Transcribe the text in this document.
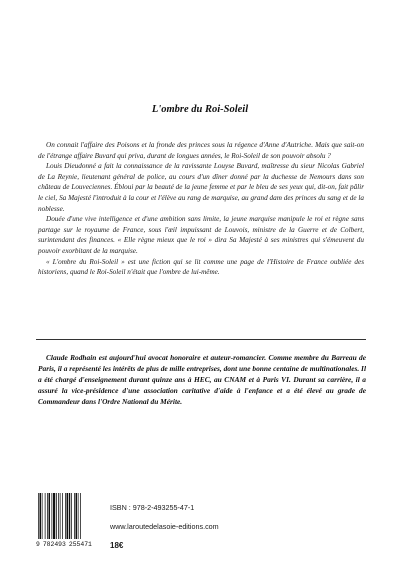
L'ombre du Roi-Soleil

On connait l'affaire des Poisons et la fronde des princes sous la régence d'Anne d'Autriche. Mais que sait-on de l'étrange affaire Buvard qui priva, durant de longues années, le Roi-Soleil de son pouvoir absolu ?

Louis Dieudonné a fait la connaissance de la ravissante Louyse Buvard, maîtresse du sieur Nicolas Gabriel de La Reynie, lieutenant général de police, au cours d'un dîner donné par la duchesse de Nemours dans son château de Louveciennes. Ébloui par la beauté de la jeune femme et par le bleu de ses yeux qui, dit-on, fait pâlir le ciel, Sa Majesté l'introduit à la cour et l'élève au rang de marquise, au grand dam des princes du sang et de la noblesse.

Douée d'une vive intelligence et d'une ambition sans limite, la jeune marquise manipule le roi et règne sans partage sur le royaume de France, sous l'œil impuissant de Louvois, ministre de la Guerre et de Colbert, surintendant des finances. « Elle règne mieux que le roi » dira Sa Majesté à ses ministres qui s'émeuvent du pouvoir exorbitant de la marquise.

« L'ombre du Roi-Soleil » est une fiction qui se lit comme une page de l'Histoire de France oubliée des historiens, quand le Roi-Soleil n'était que l'ombre de lui-même.

Claude Rodhain est aujourd'hui avocat honoraire et auteur-romancier. Comme membre du Barreau de Paris, il a représenté les intérêts de plus de mille entreprises, dont une bonne centaine de multinationales. Il a été chargé d'enseignement durant quinze ans à HEC, au CNAM et à Paris VI. Durant sa carrière, il a assuré la vice-présidence d'une association caritative d'aide à l'enfance et a été élevé au grade de Commandeur dans l'Ordre National du Mérite.

9 782493 255471
ISBN : 978-2-493255-47-1
www.laroutedelasoie-editions.com
18€
